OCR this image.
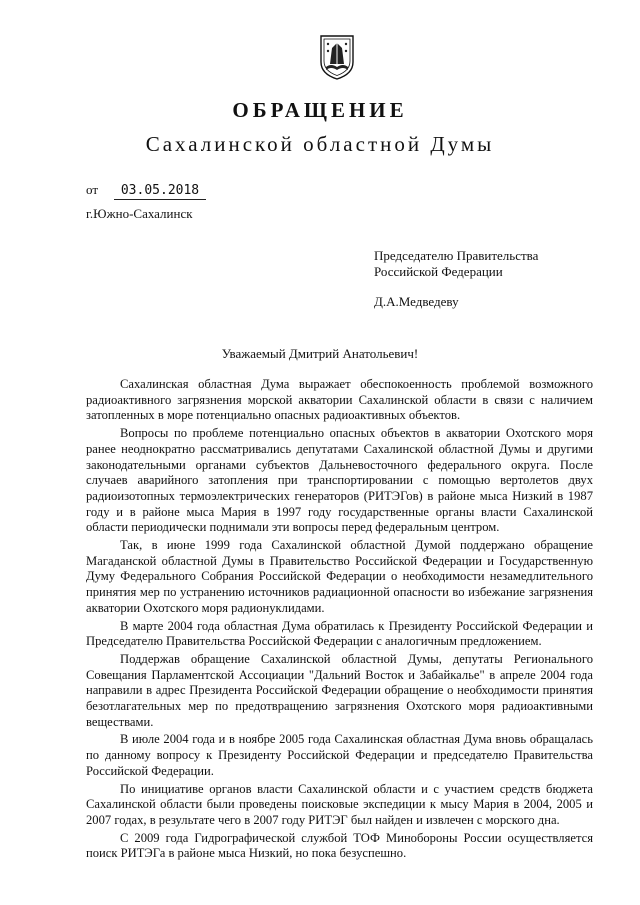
ОБРАЩЕНИЕ
Сахалинской областной Думы
от 03.05.2018
г.Южно-Сахалинск
Председателю Правительства
Российской Федерации
Д.А.Медведеву
Уважаемый Дмитрий Анатольевич!

Сахалинская областная Дума выражает обеспокоенность проблемой возможного радиоактивного загрязнения морской акватории Сахалинской области в связи с наличием затопленных в море потенциально опасных радиоактивных объектов.

Вопросы по проблеме потенциально опасных объектов в акватории Охотского моря ранее неоднократно рассматривались депутатами Сахалинской областной Думы и другими законодательными органами субъектов Дальневосточного федерального округа. После случаев аварийного затопления при транспортировании с помощью вертолетов двух радиоизотопных термоэлектрических генераторов (РИТЭГов) в районе мыса Низкий в 1987 году и в районе мыса Мария в 1997 году государственные органы власти Сахалинской области периодически поднимали эти вопросы перед федеральным центром.

Так, в июне 1999 года Сахалинской областной Думой поддержано обращение Магаданской областной Думы в Правительство Российской Федерации и Государственную Думу Федерального Собрания Российской Федерации о необходимости незамедлительного принятия мер по устранению источников радиационной опасности во избежание загрязнения акватории Охотского моря радионуклидами.

В марте 2004 года областная Дума обратилась к Президенту Российской Федерации и Председателю Правительства Российской Федерации с аналогичным предложением.

Поддержав обращение Сахалинской областной Думы, депутаты Регионального Совещания Парламентской Ассоциации "Дальний Восток и Забайкалье" в апреле 2004 года направили в адрес Президента Российской Федерации обращение о необходимости принятия безотлагательных мер по предотвращению загрязнения Охотского моря радиоактивными веществами.

В июле 2004 года и в ноябре 2005 года Сахалинская областная Дума вновь обращалась по данному вопросу к Президенту Российской Федерации и председателю Правительства Российской Федерации.

По инициативе органов власти Сахалинской области и с участием средств бюджета Сахалинской области были проведены поисковые экспедиции к мысу Мария в 2004, 2005 и 2007 годах, в результате чего в 2007 году РИТЭГ был найден и извлечен с морского дна.

С 2009 года Гидрографической службой ТОФ Минобороны России осуществляется поиск РИТЭГа в районе мыса Низкий, но пока безуспешно.
